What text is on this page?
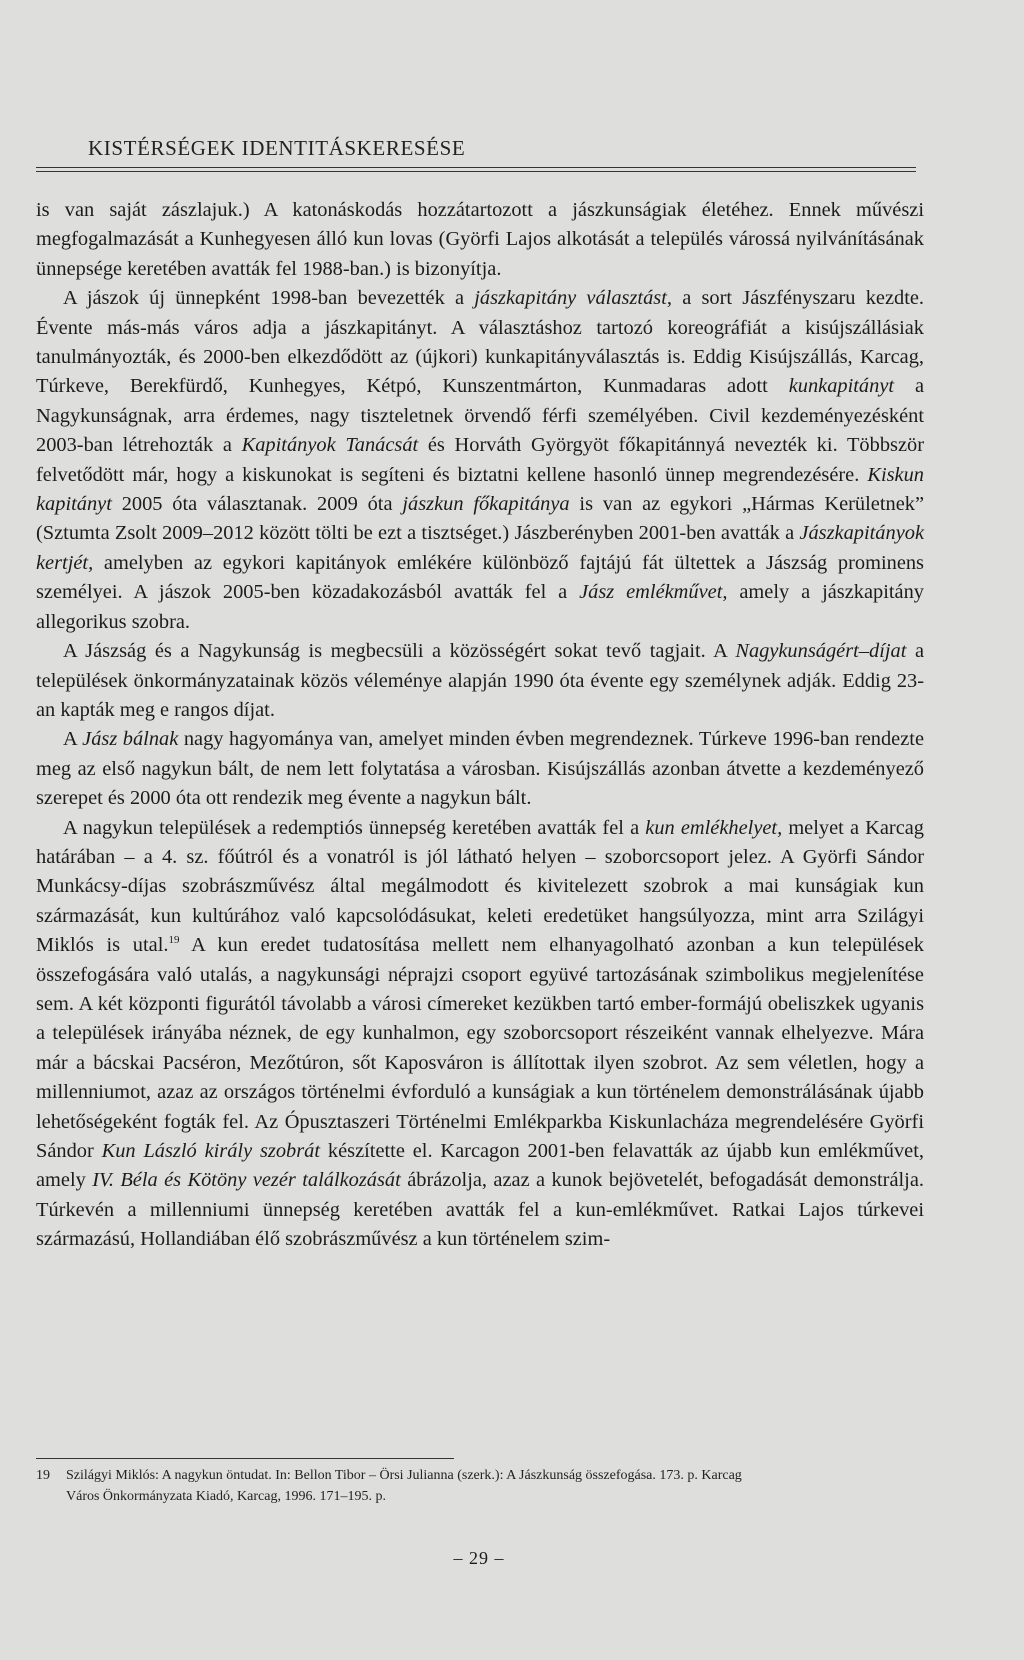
KISTÉRSÉGEK IDENTITÁSKERESÉSE

is van saját zászlajuk.) A katonáskodás hozzátartozott a jászkunságiak életéhez. Ennek művészi megfogalmazását a Kunhegyesen álló kun lovas (Györfi Lajos alkotását a település várossá nyilvánításának ünnepsége keretében avatták fel 1988-ban.) is bizonyítja.

A jászok új ünnepként 1998-ban bevezették a jászkapitány választást, a sort Jászfényszaru kezdte. Évente más-más város adja a jászkapitányt. A választáshoz tartozó koreográfiát a kisújszállásiak tanulmányozták, és 2000-ben elkezdődött az (újkori) kunkapitányválasztás is. Eddig Kisújszállás, Karcag, Túrkeve, Berekfürdő, Kunhegyes, Kétpó, Kunszentmárton, Kunmadaras adott kunkapitányt a Nagykunságnak, arra érdemes, nagy tiszteletnek örvendő férfi személyében. Civil kezdeményezésként 2003-ban létrehozták a Kapitányok Tanácsát és Horváth Györgyöt főkapitánnyá nevezték ki. Többször felvetődött már, hogy a kiskunokat is segíteni és biztatni kellene hasonló ünnep megrendezésére. Kiskun kapitányt 2005 óta választanak. 2009 óta jászkun főkapitánya is van az egykori „Hármas Kerületnek” (Sztumta Zsolt 2009–2012 között tölti be ezt a tisztséget.) Jászberényben 2001-ben avatták a Jászkapitányok kertjét, amelyben az egykori kapitányok emlékére különböző fajtájú fát ültettek a Jászság prominens személyei. A jászok 2005-ben közadakozásból avatták fel a Jász emlékművet, amely a jászkapitány allegorikus szobra.

A Jászság és a Nagykunság is megbecsüli a közösségért sokat tevő tagjait. A Nagykunságért–díjat a települések önkormányzatainak közös véleménye alapján 1990 óta évente egy személynek adják. Eddig 23-an kapták meg e rangos díjat.

A Jász bálnak nagy hagyománya van, amelyet minden évben megrendeznek. Túrkeve 1996-ban rendezte meg az első nagykun bált, de nem lett folytatása a városban. Kisújszállás azonban átvette a kezdeményező szerepet és 2000 óta ott rendezik meg évente a nagykun bált.

A nagykun települések a redemptiós ünnepség keretében avatták fel a kun emlékhelyet, melyet a Karcag határában – a 4. sz. főútról és a vonatról is jól látható helyen – szoborcsoport jelez. A Györfi Sándor Munkácsy-díjas szobrászművész által megálmodott és kivitelezett szobrok a mai kunságiak kun származását, kun kultúrához való kapcsolódásukat, keleti eredetüket hangsúlyozza, mint arra Szilágyi Miklós is utal.$^{19}$ A kun eredet tudatosítása mellett nem elhanyagolható azonban a kun települések összefogására való utalás, a nagykunsági néprajzi csoport együvé tartozásának szimbolikus megjelenítése sem. A két központi figurától távolabb a városi címereket kezükben tartó ember-formájú obeliszkek ugyanis a települések irányába néznek, de egy kunhalmon, egy szoborcsoport részeiként vannak elhelyezve. Mára már a bácskai Pacséron, Mezőtúron, sőt Kaposváron is állítottak ilyen szobrot. Az sem véletlen, hogy a millenniumot, azaz az országos történelmi évforduló a kunságiak a kun történelem demonstrálásának újabb lehetőségeként fogták fel. Az Ópusztaszeri Történelmi Emlékparkba Kiskunlacháza megrendelésére Györfi Sándor Kun László király szobrát készítette el. Karcagon 2001-ben felavatták az újabb kun emlékművet, amely IV. Béla és Kötöny vezér találkozását ábrázolja, azaz a kunok bejövetelét, befogadását demonstrálja. Túrkevén a millenniumi ünnepség keretében avatták fel a kun-emlékművet. Ratkai Lajos túrkevei származású, Hollandiában élő szobrászművész a kun történelem szim-

19 Szilágyi Miklós: A nagykun öntudat. In: Bellon Tibor – Örsi Julianna (szerk.): A Jászkunság összefogása. 173. p. Karcag
Város Önkormányzata Kiadó, Karcag, 1996. 171–195. p.
– 29 –
